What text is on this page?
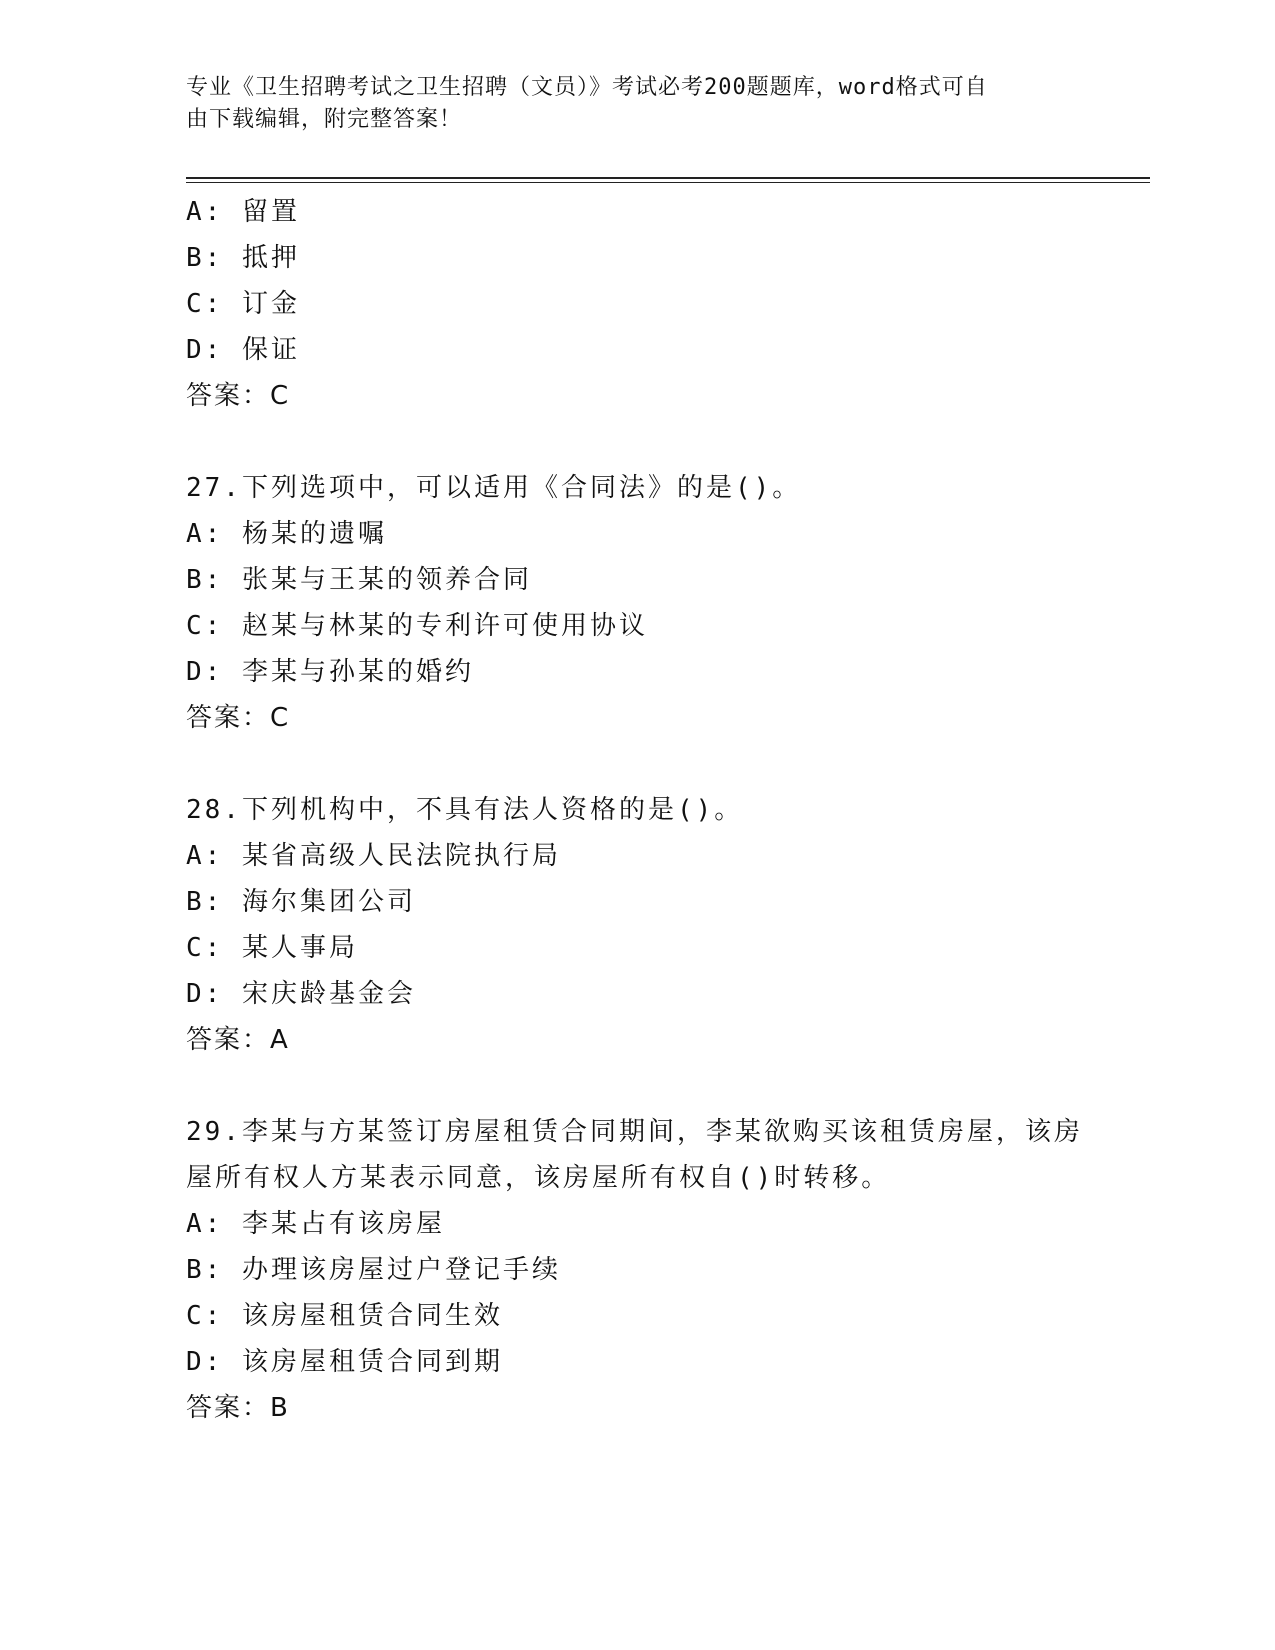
专业《卫生招聘考试之卫生招聘（文员）》考试必考200题题库，word格式可自
由下载编辑，附完整答案！
A: 留置
B: 抵押
C: 订金
D: 保证
答案：C
27.下列选项中，可以适用《合同法》的是()。
A: 杨某的遗嘱
B: 张某与王某的领养合同
C: 赵某与林某的专利许可使用协议
D: 李某与孙某的婚约
答案：C
28.下列机构中，不具有法人资格的是()。
A: 某省高级人民法院执行局
B: 海尔集团公司
C: 某人事局
D: 宋庆龄基金会
答案：A
29.李某与方某签订房屋租赁合同期间，李某欲购买该租赁房屋，该房
屋所有权人方某表示同意，该房屋所有权自()时转移。
A: 李某占有该房屋
B: 办理该房屋过户登记手续
C: 该房屋租赁合同生效
D: 该房屋租赁合同到期
答案：B
